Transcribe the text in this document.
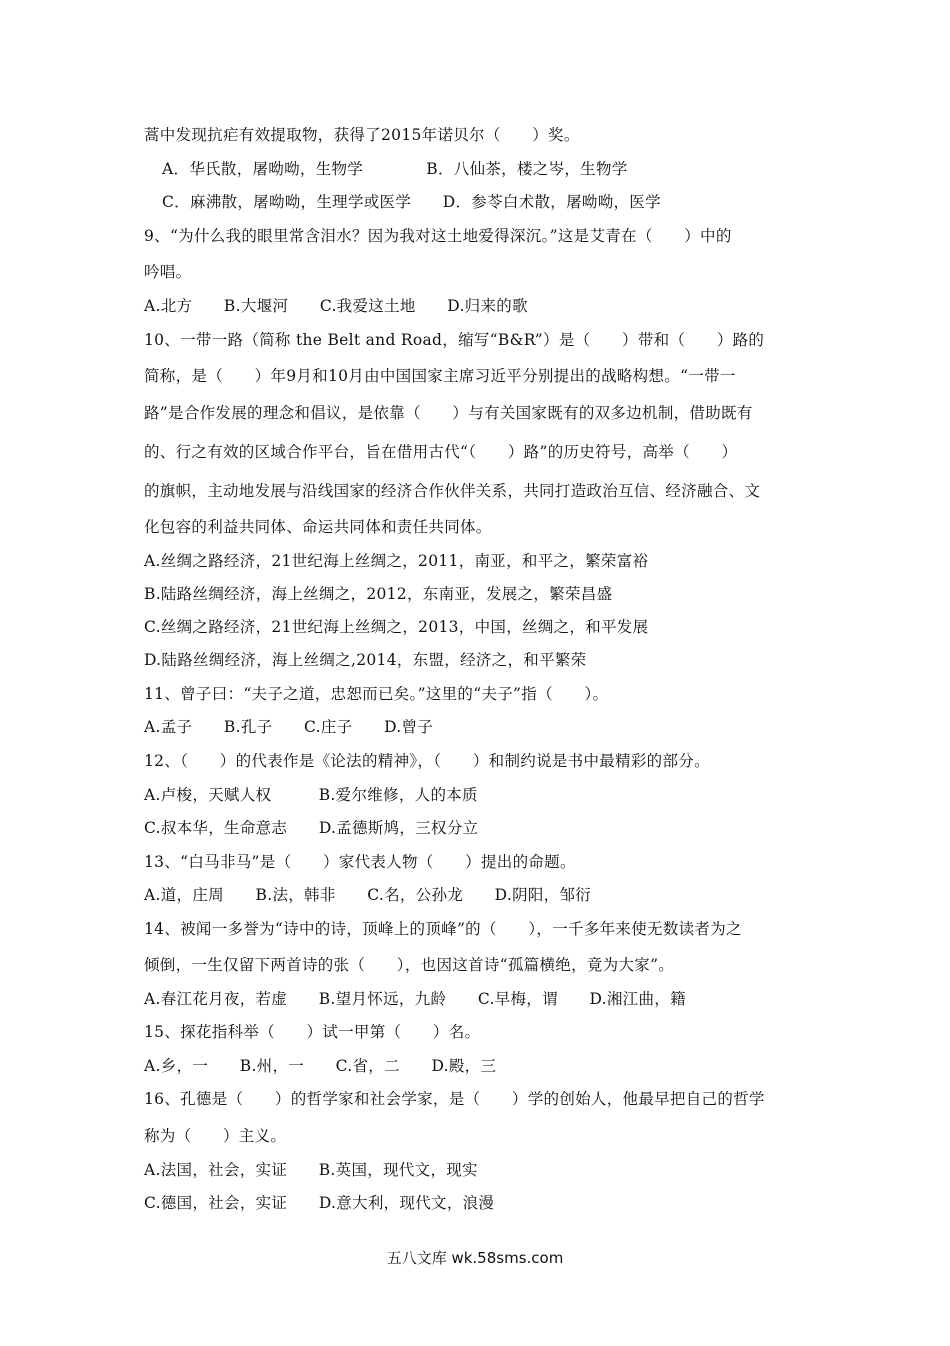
蒿中发现抗疟有效提取物，获得了2015年诺贝尔（　　）奖。
A．华氏散，屠呦呦，生物学　　　　B．八仙茶，楼之岑，生物学
C．麻沸散，屠呦呦，生理学或医学　　D．参苓白术散，屠呦呦，医学
9、“为什么我的眼里常含泪水？因为我对这土地爱得深沉。”这是艾青在（　　）中的
吟唱。
A.北方　　B.大堰河　　C.我爱这土地　　D.归来的歌
10、一带一路（简称 the Belt and Road，缩写“B&R”）是（　　）带和（　　）路的
简称，是（　　）年9月和10月由中国国家主席习近平分别提出的战略构想。“一带一
路”是合作发展的理念和倡议，是依靠（　　）与有关国家既有的双多边机制，借助既有
的、行之有效的区域合作平台，旨在借用古代“（　　）路”的历史符号，高举（　　）
的旗帜，主动地发展与沿线国家的经济合作伙伴关系，共同打造政治互信、经济融合、文
化包容的利益共同体、命运共同体和责任共同体。
A.丝绸之路经济，21世纪海上丝绸之，2011，南亚，和平之，繁荣富裕
B.陆路丝绸经济，海上丝绸之，2012，东南亚，发展之，繁荣昌盛
C.丝绸之路经济，21世纪海上丝绸之，2013，中国，丝绸之，和平发展
D.陆路丝绸经济，海上丝绸之,2014，东盟，经济之，和平繁荣
11、曾子曰：“夫子之道，忠恕而已矣。”这里的“夫子”指（　　）。
A.孟子　　B.孔子　　C.庄子　　D.曾子
12、（　　）的代表作是《论法的精神》，（　　）和制约说是书中最精彩的部分。
A.卢梭，天赋人权　　　B.爱尔维修，人的本质
C.叔本华，生命意志　　D.孟德斯鸠，三权分立
13、“白马非马”是（　　）家代表人物（　　）提出的命题。
A.道，庄周　　B.法，韩非　　C.名，公孙龙　　D.阴阳，邹衍
14、被闻一多誉为“诗中的诗，顶峰上的顶峰”的（　　），一千多年来使无数读者为之
倾倒，一生仅留下两首诗的张（　　），也因这首诗“孤篇横绝，竟为大家”。
A.春江花月夜，若虚　　B.望月怀远，九龄　　C.早梅，谓　　D.湘江曲，籍
15、探花指科举（　　）试一甲第（　　）名。
A.乡，一　　B.州，一　　C.省，二　　D.殿，三
16、孔德是（　　）的哲学家和社会学家，是（　　）学的创始人，他最早把自己的哲学
称为（　　）主义。
A.法国，社会，实证　　B.英国，现代文，现实
C.德国，社会，实证　　D.意大利，现代文，浪漫
五八文库 wk.58sms.com
